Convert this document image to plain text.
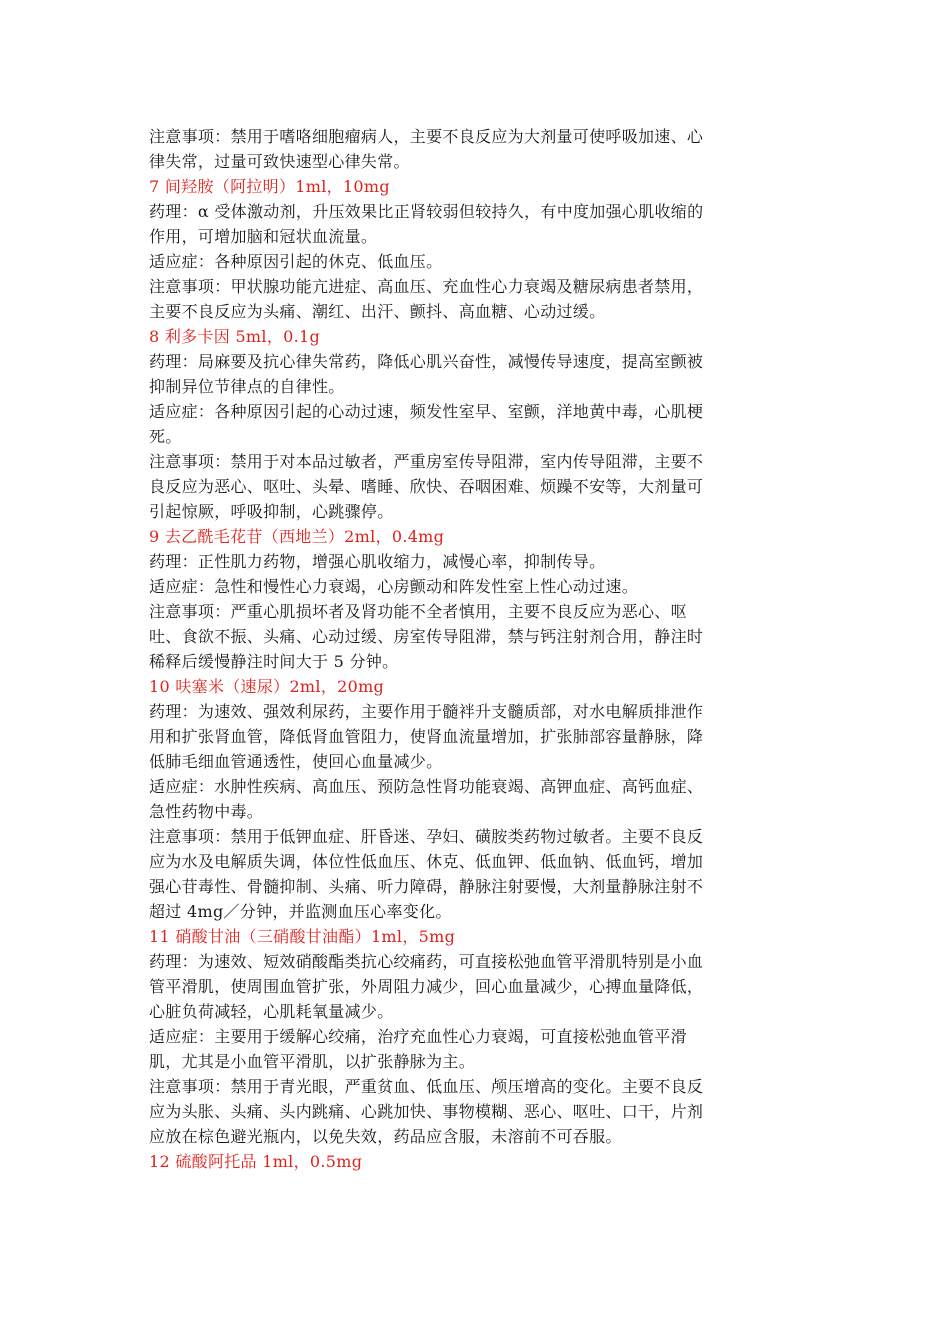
注意事项：禁用于嗜咯细胞瘤病人，主要不良反应为大剂量可使呼吸加速、心
律失常，过量可致快速型心律失常。
7 间羟胺（阿拉明）1ml，10mg
药理：α 受体激动剂，升压效果比正肾较弱但较持久，有中度加强心肌收缩的
作用，可增加脑和冠状血流量。
适应症：各种原因引起的休克、低血压。
注意事项：甲状腺功能亢进症、高血压、充血性心力衰竭及糖尿病患者禁用，
主要不良反应为头痛、潮红、出汗、颤抖、高血糖、心动过缓。
8 利多卡因 5ml，0.1g
药理：局麻要及抗心律失常药，降低心肌兴奋性，减慢传导速度，提高室颤被
抑制异位节律点的自律性。
适应症：各种原因引起的心动过速，频发性室早、室颤，洋地黄中毒，心肌梗
死。
注意事项：禁用于对本品过敏者，严重房室传导阻滞，室内传导阻滞，主要不
良反应为恶心、呕吐、头晕、嗜睡、欣快、吞咽困难、烦躁不安等，大剂量可
引起惊厥，呼吸抑制，心跳骤停。
9 去乙酰毛花苷（西地兰）2ml，0.4mg
药理：正性肌力药物，增强心肌收缩力，减慢心率，抑制传导。
适应症：急性和慢性心力衰竭，心房颤动和阵发性室上性心动过速。
注意事项：严重心肌损坏者及肾功能不全者慎用，主要不良反应为恶心、呕
吐、食欲不振、头痛、心动过缓、房室传导阻滞，禁与钙注射剂合用，静注时
稀释后缓慢静注时间大于 5 分钟。
10 呋塞米（速尿）2ml，20mg
药理：为速效、强效利尿药，主要作用于髓袢升支髓质部，对水电解质排泄作
用和扩张肾血管，降低肾血管阻力，使肾血流量增加，扩张肺部容量静脉，降
低肺毛细血管通透性，使回心血量减少。
适应症：水肿性疾病、高血压、预防急性肾功能衰竭、高钾血症、高钙血症、
急性药物中毒。
注意事项：禁用于低钾血症、肝昏迷、孕妇、磺胺类药物过敏者。主要不良反
应为水及电解质失调，体位性低血压、休克、低血钾、低血钠、低血钙，增加
强心苷毒性、骨髓抑制、头痛、听力障碍，静脉注射要慢，大剂量静脉注射不
超过 4mg／分钟，并监测血压心率变化。
11 硝酸甘油（三硝酸甘油酯）1ml，5mg
药理：为速效、短效硝酸酯类抗心绞痛药，可直接松弛血管平滑肌特别是小血
管平滑肌，使周围血管扩张，外周阻力减少，回心血量减少，心搏血量降低，
心脏负荷减轻，心肌耗氧量减少。
适应症：主要用于缓解心绞痛，治疗充血性心力衰竭，可直接松弛血管平滑
肌，尤其是小血管平滑肌，以扩张静脉为主。
注意事项：禁用于青光眼，严重贫血、低血压、颅压增高的变化。主要不良反
应为头胀、头痛、头内跳痛、心跳加快、事物模糊、恶心、呕吐、口干，片剂
应放在棕色避光瓶内，以免失效，药品应含服，未溶前不可吞服。
12 硫酸阿托品 1ml，0.5mg
